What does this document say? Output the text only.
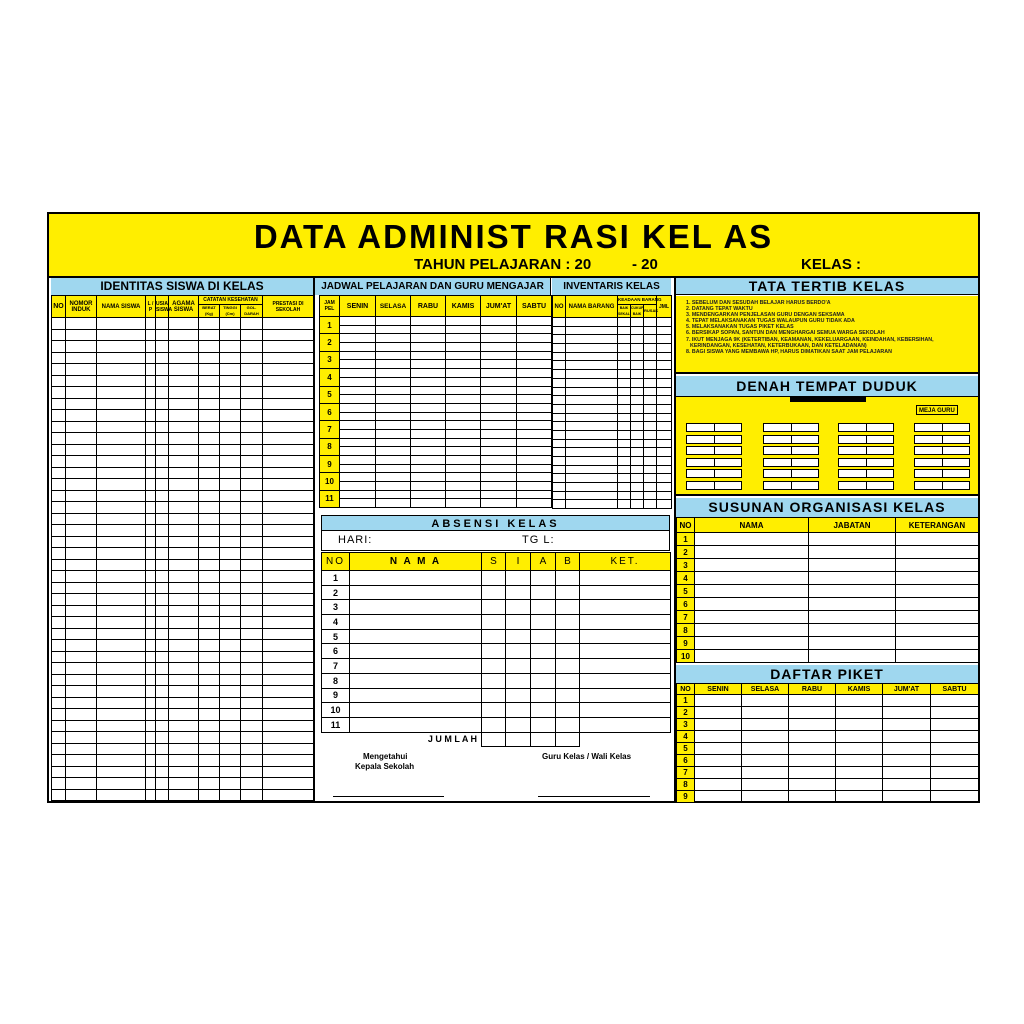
DATA ADMINIST RASI KEL AS
TAHUN PELAJARAN : 20	- 20	KELAS :
IDENTITAS SISWA DI KELAS
NO	NOMOR INDUK	NAMA SISWA	L / P	USIA SISWA	AGAMA SISWA	CATATAN KESEHATAN			PRESTASI DI SEKOLAH
						BERAT (Kg)	TINGGI (Cm)	GOL. DARAH	

JADWAL PELAJARAN DAN GURU MENGAJAR
JAM PEL	SENIN	SELASA	RABU	KAMIS	JUM'AT	SABTU
1						

2						

3						

4						

5						

6						

7						

8						

9						

10						

11						

INVENTARIS KELAS
NO	NAMA BARANG	KEADAAN BARANG			JML
		BAIK SEKALI	CUKUP BAIK	RUSAK	

ABSENSI KELAS
HARI:	TG L:
NO	N A M A	S	I	A	B	KET.
1						
2						
3						
4						
5						
6						
7						
8						
9						
10						
11						
J U M L A H						
Mengetahui
Kepala Sekolah
Guru Kelas / Wali Kelas
TATA TERTIB KELAS
1. SEBELUM DAN SESUDAH BELAJAR HARUS BERDO'A
2. DATANG TEPAT WAKTU
3. MENDENGARKAN PENJELASAN GURU DENGAN SEKSAMA
4. TEPAT MELAKSANAKAN TUGAS WALAUPUN GURU TIDAK ADA
5. MELAKSANAKAN TUGAS PIKET KELAS
6. BERSIKAP SOPAN, SANTUN DAN MENGHARGAI SEMUA WARGA SEKOLAH
7. IKUT MENJAGA 9K (KETERTIBAN, KEAMANAN, KEKELUARGAAN, KEINDAHAN, KEBERSIHAN,
KERINDANGAN, KESEHATAN, KETERBUKAAN, DAN KETELADANAN)
8. BAGI SISWA YANG MEMBAWA HP, HARUS DIMATIKAN SAAT JAM PELAJARAN
DENAH TEMPAT DUDUK
MEJA GURU
SUSUNAN ORGANISASI KELAS
NO	NAMA	JABATAN	KETERANGAN
1			
2			
3			
4			
5			
6			
7			
8			
9			
10			
DAFTAR PIKET
NO	SENIN	SELASA	RABU	KAMIS	JUM'AT	SABTU
1						
2						
3						
4						
5						
6						
7						
8						
9						
